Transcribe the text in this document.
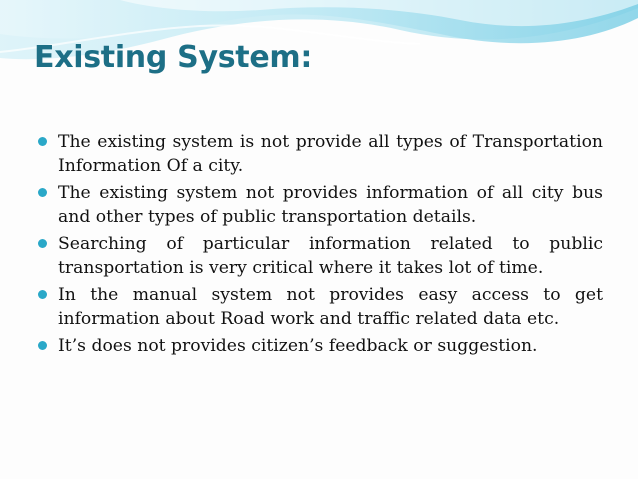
Existing System:
The existing system is not provide all types of Transportation Information Of a city.
The existing system not provides information of all city bus and other types of public transportation details.
Searching of particular information related to public transportation is very critical where it takes lot of time.
In the manual system not provides easy access to get information about Road work and traffic related data etc.
It’s does not provides citizen’s feedback or suggestion.
